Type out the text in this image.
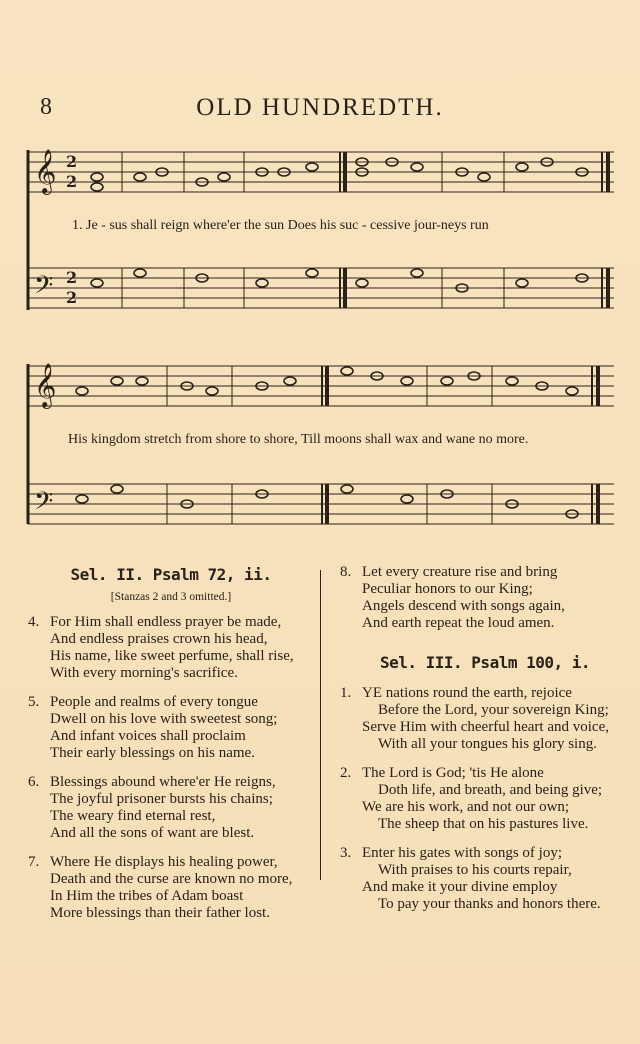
8	OLD HUNDREDTH.
𝄞
𝄢
2
2
2
2
1. Je - sus shall reign where'er the sun Does his suc - cessive jour-neys run
𝄞
𝄢
His kingdom stretch from shore to shore, Till moons shall wax and wane no more.
Sel. II. Psalm 72, ii.
[Stanzas 2 and 3 omitted.]
4. For Him shall endless prayer be made,
And endless praises crown his head,
His name, like sweet perfume, shall rise,
With every morning's sacrifice.
5. People and realms of every tongue
Dwell on his love with sweetest song;
And infant voices shall proclaim
Their early blessings on his name.
6. Blessings abound where'er He reigns,
The joyful prisoner bursts his chains;
The weary find eternal rest,
And all the sons of want are blest.
7. Where He displays his healing power,
Death and the curse are known no more,
In Him the tribes of Adam boast
More blessings than their father lost.
8. Let every creature rise and bring
Peculiar honors to our King;
Angels descend with songs again,
And earth repeat the loud amen.
Sel. III. Psalm 100, i.
1. YE nations round the earth, rejoice
Before the Lord, your sovereign King;
Serve Him with cheerful heart and voice,
With all your tongues his glory sing.
2. The Lord is God; 'tis He alone
Doth life, and breath, and being give;
We are his work, and not our own;
The sheep that on his pastures live.
3. Enter his gates with songs of joy;
With praises to his courts repair,
And make it your divine employ
To pay your thanks and honors there.
